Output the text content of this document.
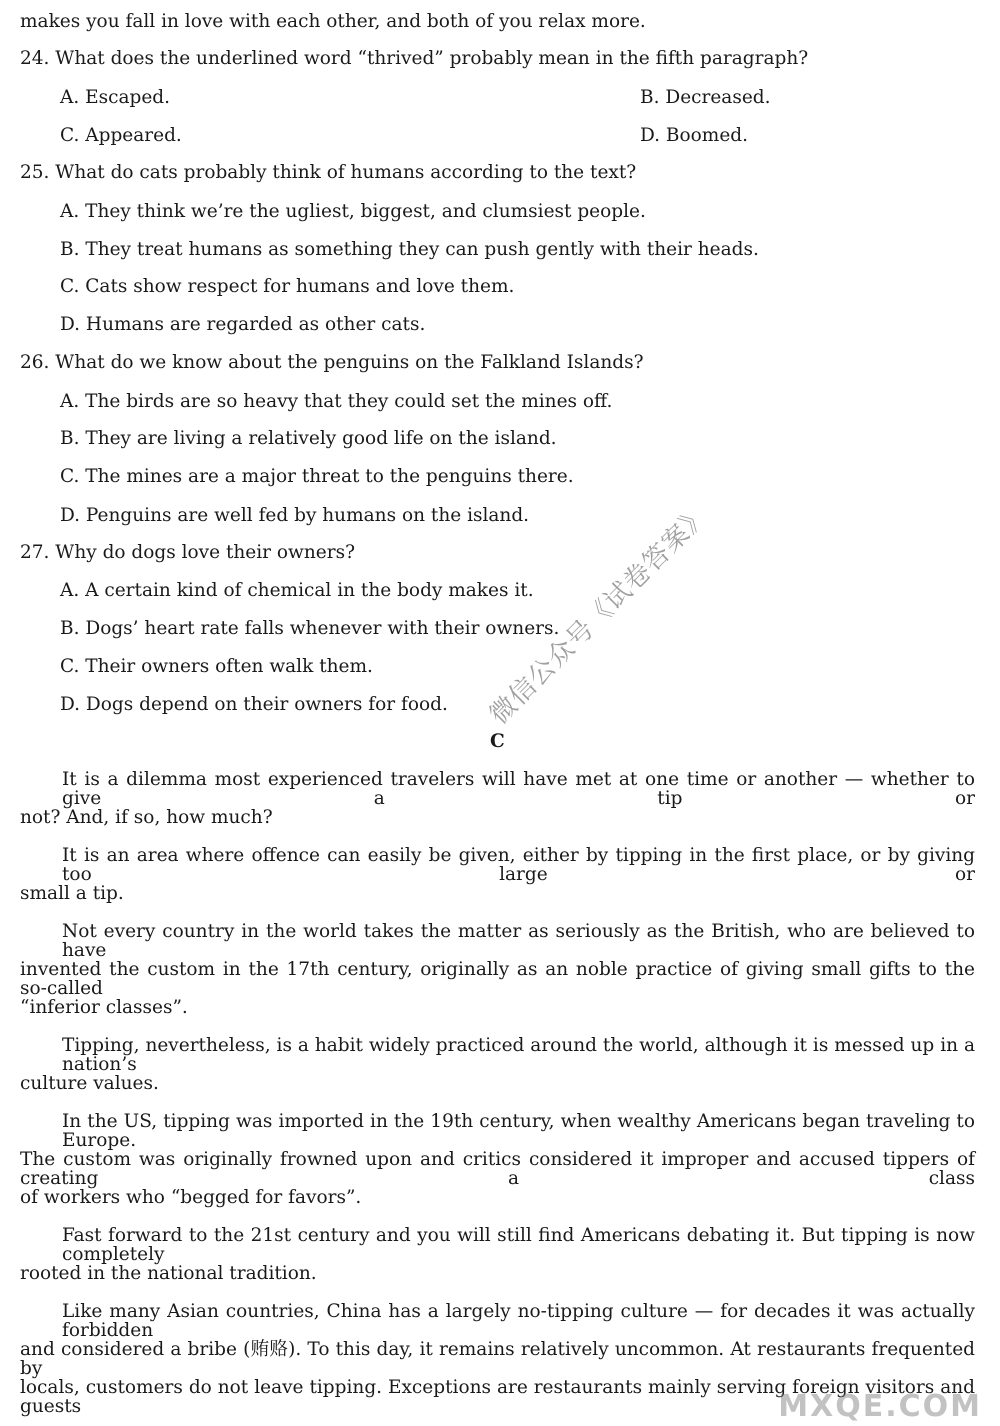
makes you fall in love with each other, and both of you relax more.
24. What does the underlined word “thrived” probably mean in the fifth paragraph?
A. Escaped.	B. Decreased.
C. Appeared.	D. Boomed.
25. What do cats probably think of humans according to the text?
A. They think we’re the ugliest, biggest, and clumsiest people.
B. They treat humans as something they can push gently with their heads.
C. Cats show respect for humans and love them.
D. Humans are regarded as other cats.
26. What do we know about the penguins on the Falkland Islands?
A. The birds are so heavy that they could set the mines off.
B. They are living a relatively good life on the island.
C. The mines are a major threat to the penguins there.
D. Penguins are well fed by humans on the island.
27. Why do dogs love their owners?
A. A certain kind of chemical in the body makes it.
B. Dogs’ heart rate falls whenever with their owners.
C. Their owners often walk them.
D. Dogs depend on their owners for food.
C
It is a dilemma most experienced travelers will have met at one time or another — whether to give a tip or
not? And, if so, how much?
It is an area where offence can easily be given, either by tipping in the first place, or by giving too large or
small a tip.
Not every country in the world takes the matter as seriously as the British, who are believed to have
invented the custom in the 17th century, originally as an noble practice of giving small gifts to the so-called
“inferior classes”.
Tipping, nevertheless, is a habit widely practiced around the world, although it is messed up in a nation’s
culture values.
In the US, tipping was imported in the 19th century, when wealthy Americans began traveling to Europe.
The custom was originally frowned upon and critics considered it improper and accused tippers of creating a class
of workers who “begged for favors”.
Fast forward to the 21st century and you will still find Americans debating it. But tipping is now completely
rooted in the national tradition.
Like many Asian countries, China has a largely no-tipping culture — for decades it was actually forbidden
and considered a bribe (贿赂). To this day, it remains relatively uncommon. At restaurants frequented by
locals, customers do not leave tipping. Exceptions are restaurants mainly serving foreign visitors and guests
微信公众号《试卷答案》
MXQE.COM
